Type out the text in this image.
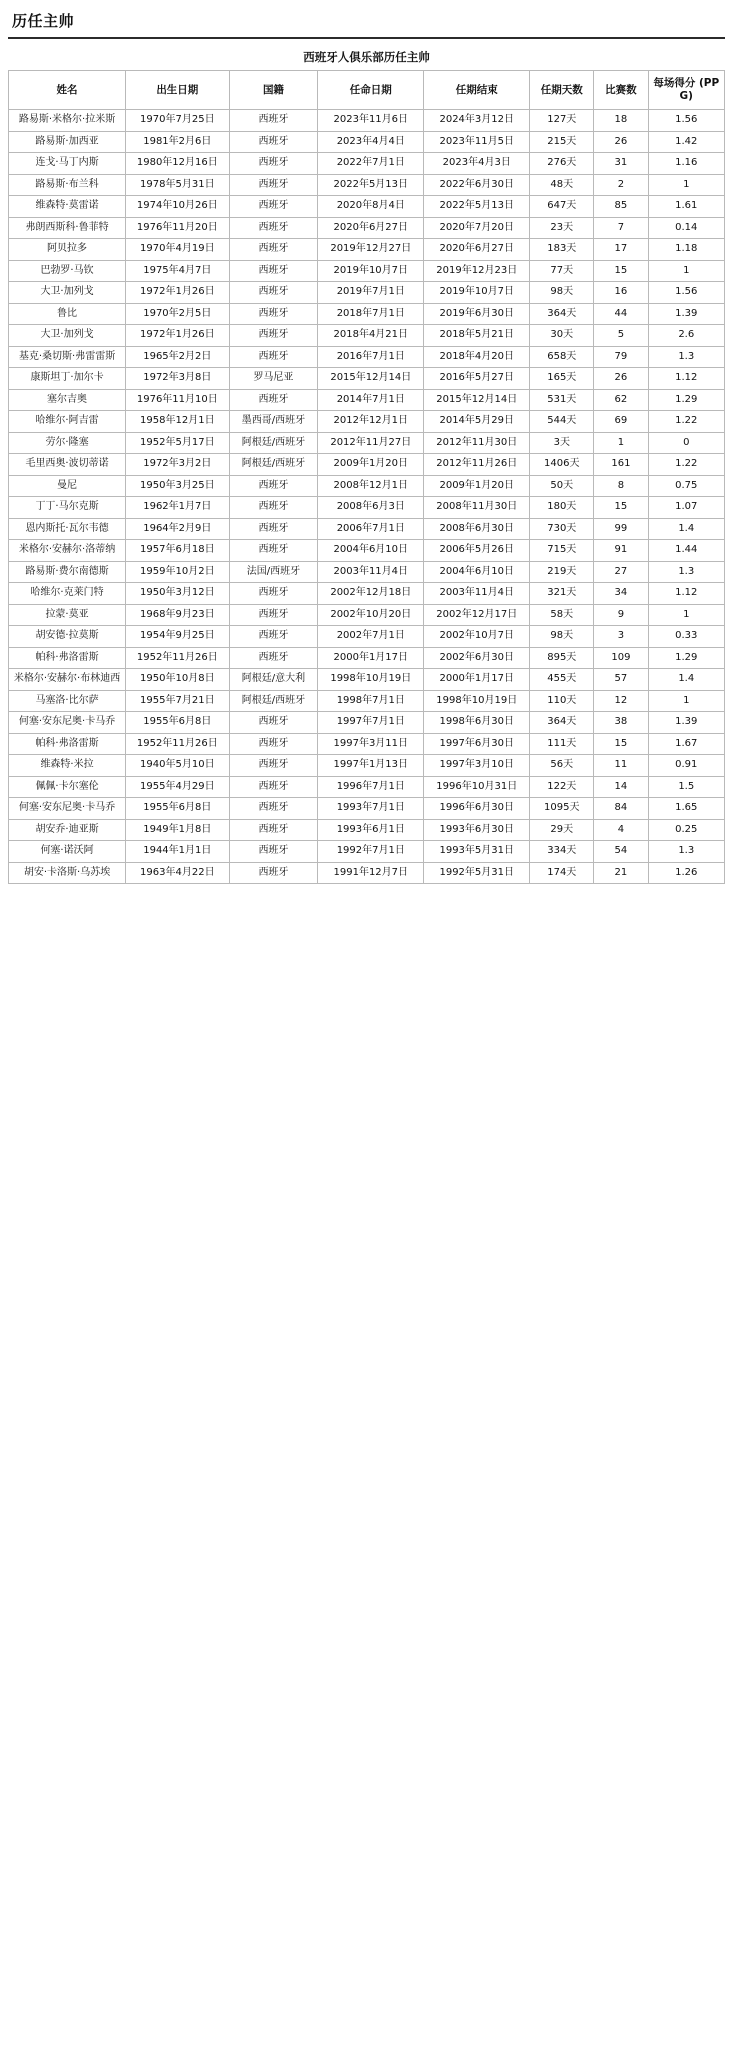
历任主帅
西班牙人俱乐部历任主帅
姓名	出生日期	国籍	任命日期	任期结束	任期天数	比赛数	每场得分 (PPG)
路易斯·米格尔·拉米斯	1970年7月25日	西班牙	2023年11月6日	2024年3月12日	127天	18	1.56
路易斯·加西亚	1981年2月6日	西班牙	2023年4月4日	2023年11月5日	215天	26	1.42
连戈·马丁内斯	1980年12月16日	西班牙	2022年7月1日	2023年4月3日	276天	31	1.16
路易斯·布兰科	1978年5月31日	西班牙	2022年5月13日	2022年6月30日	48天	2	1
维森特·莫雷诺	1974年10月26日	西班牙	2020年8月4日	2022年5月13日	647天	85	1.61
弗朗西斯科·鲁菲特	1976年11月20日	西班牙	2020年6月27日	2020年7月20日	23天	7	0.14
阿贝拉多	1970年4月19日	西班牙	2019年12月27日	2020年6月27日	183天	17	1.18
巴勃罗·马钦	1975年4月7日	西班牙	2019年10月7日	2019年12月23日	77天	15	1
大卫·加列戈	1972年1月26日	西班牙	2019年7月1日	2019年10月7日	98天	16	1.56
鲁比	1970年2月5日	西班牙	2018年7月1日	2019年6月30日	364天	44	1.39
大卫·加列戈	1972年1月26日	西班牙	2018年4月21日	2018年5月21日	30天	5	2.6
基克·桑切斯·弗雷雷斯	1965年2月2日	西班牙	2016年7月1日	2018年4月20日	658天	79	1.3
康斯坦丁·加尔卡	1972年3月8日	罗马尼亚	2015年12月14日	2016年5月27日	165天	26	1.12
塞尔吉奥	1976年11月10日	西班牙	2014年7月1日	2015年12月14日	531天	62	1.29
哈维尔·阿吉雷	1958年12月1日	墨西哥/西班牙	2012年12月1日	2014年5月29日	544天	69	1.22
劳尔·隆塞	1952年5月17日	阿根廷/西班牙	2012年11月27日	2012年11月30日	3天	1	0
毛里西奥·波切蒂诺	1972年3月2日	阿根廷/西班牙	2009年1月20日	2012年11月26日	1406天	161	1.22
曼尼	1950年3月25日	西班牙	2008年12月1日	2009年1月20日	50天	8	0.75
丁丁·马尔克斯	1962年1月7日	西班牙	2008年6月3日	2008年11月30日	180天	15	1.07
恩内斯托·瓦尔韦德	1964年2月9日	西班牙	2006年7月1日	2008年6月30日	730天	99	1.4
米格尔·安赫尔·洛蒂纳	1957年6月18日	西班牙	2004年6月10日	2006年5月26日	715天	91	1.44
路易斯·费尔南德斯	1959年10月2日	法国/西班牙	2003年11月4日	2004年6月10日	219天	27	1.3
哈维尔·克莱门特	1950年3月12日	西班牙	2002年12月18日	2003年11月4日	321天	34	1.12
拉蒙·莫亚	1968年9月23日	西班牙	2002年10月20日	2002年12月17日	58天	9	1
胡安德·拉莫斯	1954年9月25日	西班牙	2002年7月1日	2002年10月7日	98天	3	0.33
帕科·弗洛雷斯	1952年11月26日	西班牙	2000年1月17日	2002年6月30日	895天	109	1.29
米格尔·安赫尔·布林迪西	1950年10月8日	阿根廷/意大利	1998年10月19日	2000年1月17日	455天	57	1.4
马塞洛·比尔萨	1955年7月21日	阿根廷/西班牙	1998年7月1日	1998年10月19日	110天	12	1
何塞·安东尼奥·卡马乔	1955年6月8日	西班牙	1997年7月1日	1998年6月30日	364天	38	1.39
帕科·弗洛雷斯	1952年11月26日	西班牙	1997年3月11日	1997年6月30日	111天	15	1.67
维森特·米拉	1940年5月10日	西班牙	1997年1月13日	1997年3月10日	56天	11	0.91
佩佩·卡尔塞伦	1955年4月29日	西班牙	1996年7月1日	1996年10月31日	122天	14	1.5
何塞·安东尼奥·卡马乔	1955年6月8日	西班牙	1993年7月1日	1996年6月30日	1095天	84	1.65
胡安乔·迪亚斯	1949年1月8日	西班牙	1993年6月1日	1993年6月30日	29天	4	0.25
何塞·诺沃阿	1944年1月1日	西班牙	1992年7月1日	1993年5月31日	334天	54	1.3
胡安·卡洛斯·乌苏埃	1963年4月22日	西班牙	1991年12月7日	1992年5月31日	174天	21	1.26
